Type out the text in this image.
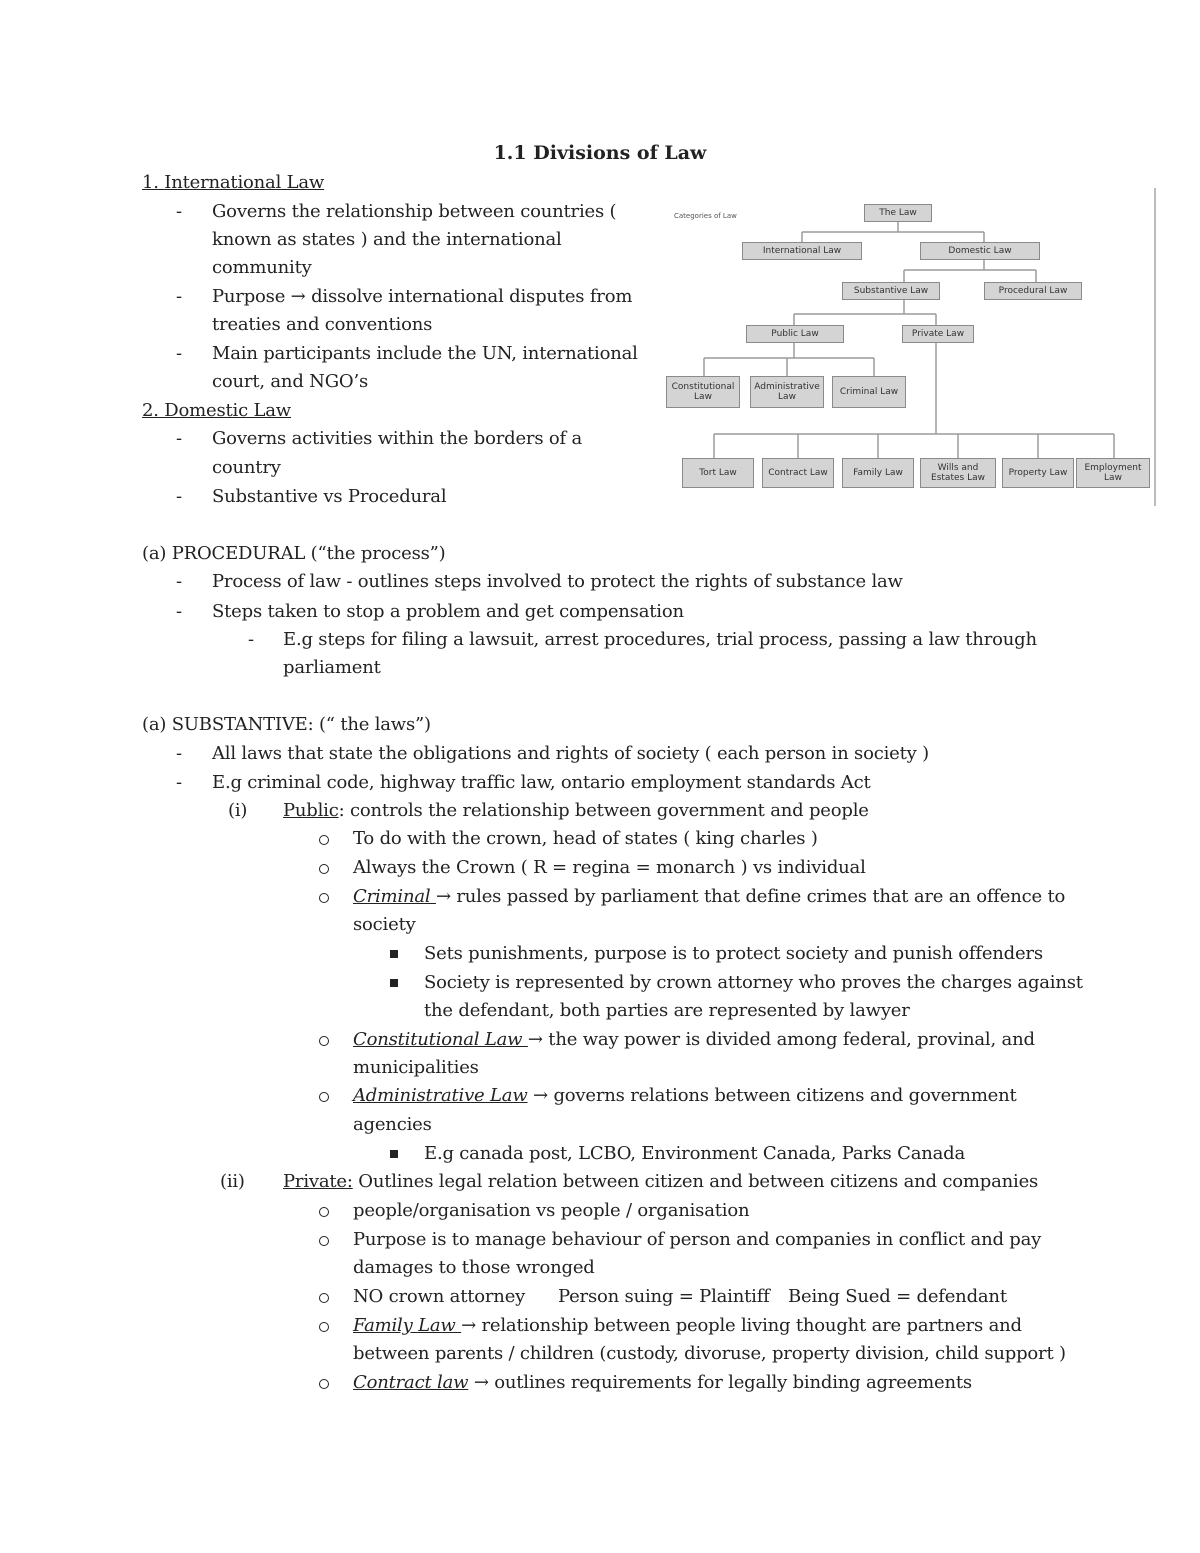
1.1 Divisions of Law
1. International Law
- Governs the relationship between countries (
known as states ) and the international
community
- Purpose → dissolve international disputes from
treaties and conventions
- Main participants include the UN, international
court, and NGO’s
2. Domestic Law
- Governs activities within the borders of a
country
- Substantive vs Procedural
Categories of Law	The Law
International Law	Domestic Law
Substantive Law	Procedural Law
Public Law	Private Law
Constitutional Law
Administrative Law	Criminal Law
Tort Law	Contract Law	Family Law	Wills and Estates Law	Property Law	Employment Law
(a) PROCEDURAL (“the process”)
- Process of law - outlines steps involved to protect the rights of substance law
- Steps taken to stop a problem and get compensation
- E.g steps for filing a lawsuit, arrest procedures, trial process, passing a law through
parliament
(a) SUBSTANTIVE: (“ the laws”)
- All laws that state the obligations and rights of society ( each person in society )
- E.g criminal code, highway traffic law, ontario employment standards Act
(i) Public: controls the relationship between government and people
To do with the crown, head of states ( king charles )
Always the Crown ( R = regina = monarch ) vs individual
Criminal → rules passed by parliament that define crimes that are an offence to
society
Sets punishments, purpose is to protect society and punish offenders
Society is represented by crown attorney who proves the charges against
the defendant, both parties are represented by lawyer
Constitutional Law → the way power is divided among federal, provinal, and
municipalities
Administrative Law → governs relations between citizens and government
agencies
E.g canada post, LCBO, Environment Canada, Parks Canada
(ii) Private: Outlines legal relation between citizen and between citizens and companies
people/organisation vs people / organisation
Purpose is to manage behaviour of person and companies in conflict and pay
damages to those wronged
NO crown attorney Person suing = Plaintiff Being Sued = defendant
Family Law → relationship between people living thought are partners and
between parents / children (custody, divoruse, property division, child support )
Contract law → outlines requirements for legally binding agreements
